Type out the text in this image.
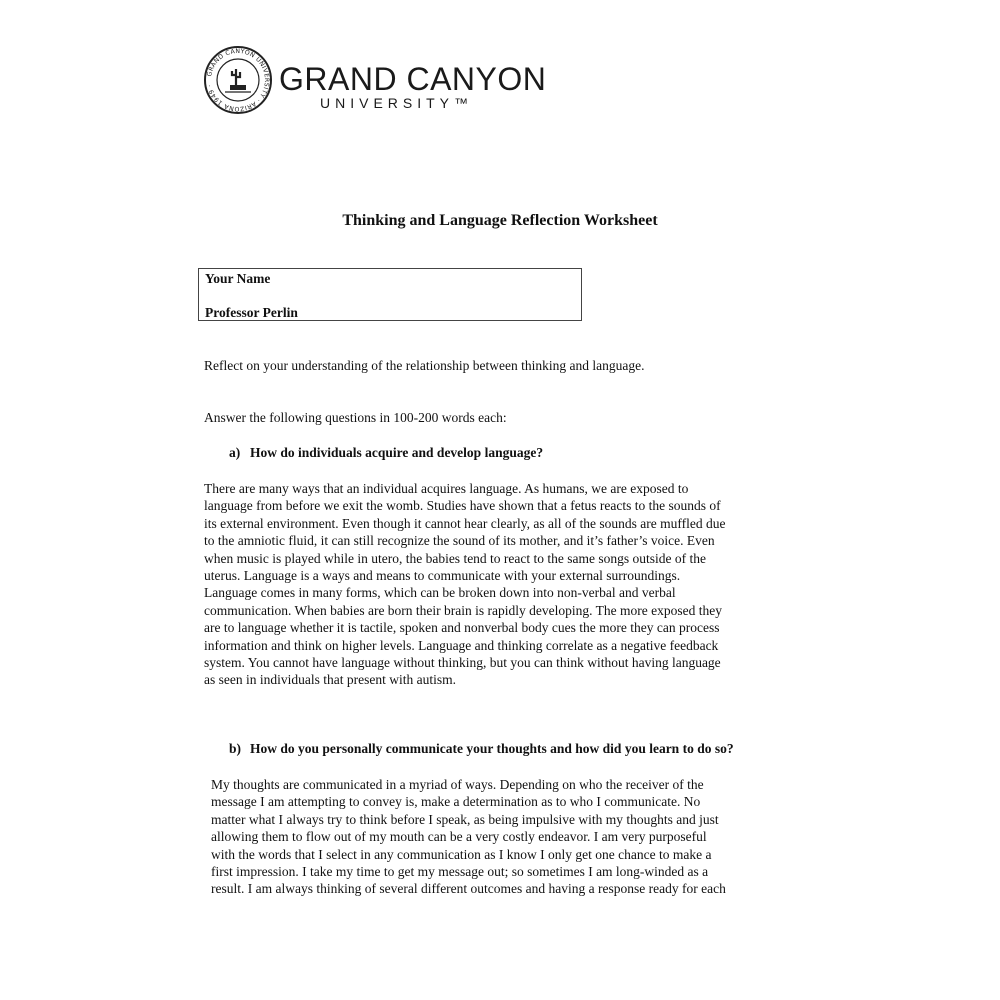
GRAND CANYON UNIVERSITY · ARIZONA 1949 ·	GRAND CANYON
UNIVERSITY™
Thinking and Language Reflection Worksheet
Your Name
Professor Perlin
Reflect on your understanding of the relationship between thinking and language.
Answer the following questions in 100-200 words each:
a) How do individuals acquire and develop language?
There are many ways that an individual acquires language. As humans, we are exposed to
language from before we exit the womb. Studies have shown that a fetus reacts to the sounds of
its external environment. Even though it cannot hear clearly, as all of the sounds are muffled due
to the amniotic fluid, it can still recognize the sound of its mother, and it’s father’s voice. Even
when music is played while in utero, the babies tend to react to the same songs outside of the
uterus. Language is a ways and means to communicate with your external surroundings.
Language comes in many forms, which can be broken down into non-verbal and verbal
communication. When babies are born their brain is rapidly developing. The more exposed they
are to language whether it is tactile, spoken and nonverbal body cues the more they can process
information and think on higher levels. Language and thinking correlate as a negative feedback
system. You cannot have language without thinking, but you can think without having language
as seen in individuals that present with autism.
b) How do you personally communicate your thoughts and how did you learn to do so?
My thoughts are communicated in a myriad of ways. Depending on who the receiver of the
message I am attempting to convey is, make a determination as to who I communicate. No
matter what I always try to think before I speak, as being impulsive with my thoughts and just
allowing them to flow out of my mouth can be a very costly endeavor. I am very purposeful
with the words that I select in any communication as I know I only get one chance to make a
first impression. I take my time to get my message out; so sometimes I am long-winded as a
result. I am always thinking of several different outcomes and having a response ready for each
